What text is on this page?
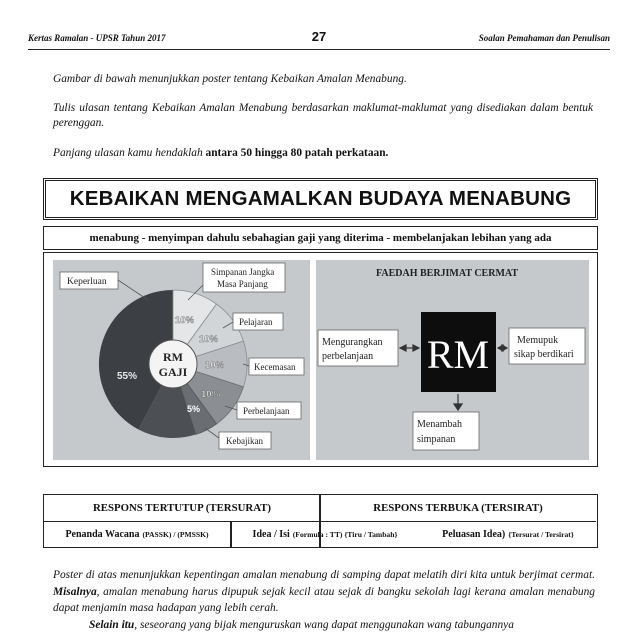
Kertas Ramalan - UPSR Tahun 2017	27	Soalan Pemahaman dan Penulisan
Gambar di bawah menunjukkan poster tentang Kebaikan Amalan Menabung.
Tulis ulasan tentang Kebaikan Amalan Menabung berdasarkan maklumat-maklumat yang disediakan dalam bentuk perenggan.
Panjang ulasan kamu hendaklah antara 50 hingga 80 patah perkataan.
KEBAIKAN MENGAMALKAN BUDAYA MENABUNG
menabung - menyimpan dahulu sebahagian gaji yang diterima - membelanjakan lebihan yang ada
RM
GAJI
55%
10%
10%
10%
10%
5%
Keperluan
Simpanan Jangka
Masa Panjang
Pelajaran
Kecemasan
Perbelanjaan
Kebajikan
FAEDAH BERJIMAT CERMAT
RM
Mengurangkan
perbelanjaan
Memupuk
sikap berdikari
Menambah
simpanan
RESPONS TERTUTUP (TERSURAT)	RESPONS TERBUKA (TERSIRAT)
Penanda Wacana (PASSK) / (PMSSK)	Idea / Isi (Formula : TT) {Tiru / Tambah}	Peluasan Idea) {Tersurat / Tersirat}
Poster di atas menunjukkan kepentingan amalan menabung di samping dapat melatih diri kita untuk berjimat cermat. Misalnya, amalan menabung harus dipupuk sejak kecil atau sejak di bangku sekolah lagi kerana amalan menabung dapat menjamin masa hadapan yang lebih cerah.
Selain itu, seseorang yang bijak menguruskan wang dapat menggunakan wang tabungannya
